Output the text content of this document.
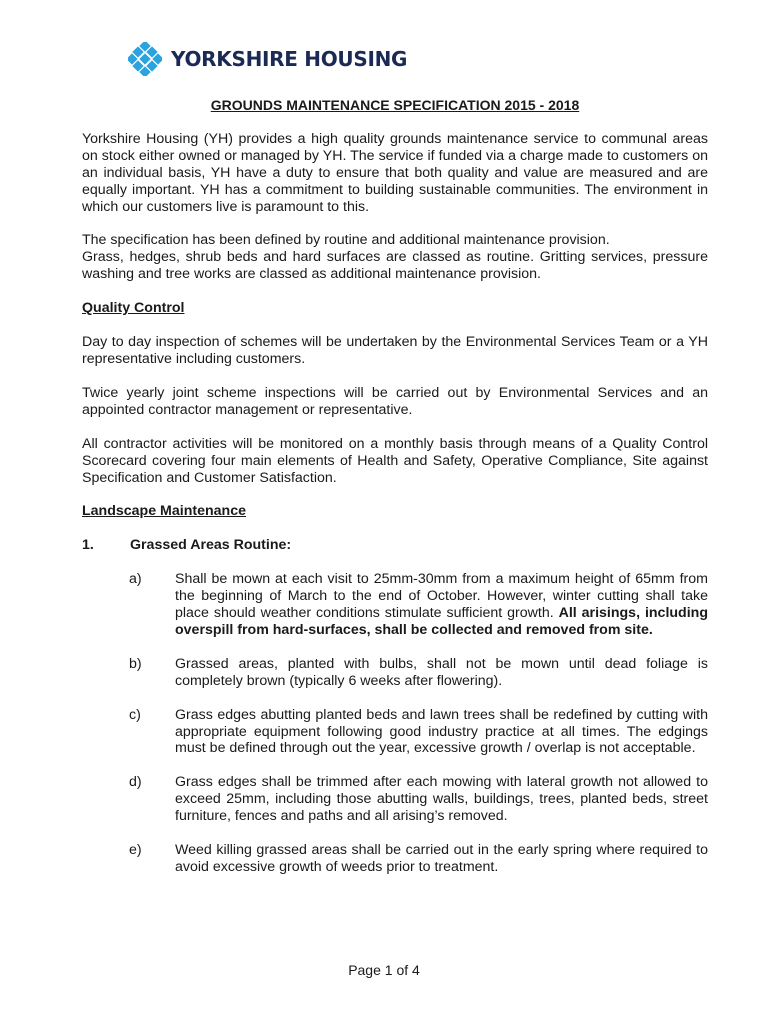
YORKSHIRE HOUSING
GROUNDS MAINTENANCE SPECIFICATION 2015 - 2018

Yorkshire Housing (YH) provides a high quality grounds maintenance service to communal areas on stock either owned or managed by YH. The service if funded via a charge made to customers on an individual basis, YH have a duty to ensure that both quality and value are measured and are equally important. YH has a commitment to building sustainable communities. The environment in which our customers live is paramount to this.

The specification has been defined by routine and additional maintenance provision.

Grass, hedges, shrub beds and hard surfaces are classed as routine. Gritting services, pressure washing and tree works are classed as additional maintenance provision.

Quality Control

Day to day inspection of schemes will be undertaken by the Environmental Services Team or a YH representative including customers.

Twice yearly joint scheme inspections will be carried out by Environmental Services and an appointed contractor management or representative.

All contractor activities will be monitored on a monthly basis through means of a Quality Control Scorecard covering four main elements of Health and Safety, Operative Compliance, Site against Specification and Customer Satisfaction.

Landscape Maintenance
1.	Grassed Areas Routine:
a)	Shall be mown at each visit to 25mm-30mm from a maximum height of 65mm from the beginning of March to the end of October. However, winter cutting shall take place should weather conditions stimulate sufficient growth. All arisings, including overspill from hard-surfaces, shall be collected and removed from site.
b)	Grassed areas, planted with bulbs, shall not be mown until dead foliage is completely brown (typically 6 weeks after flowering).
c)	Grass edges abutting planted beds and lawn trees shall be redefined by cutting with appropriate equipment following good industry practice at all times. The edgings must be defined through out the year, excessive growth / overlap is not acceptable.
d)	Grass edges shall be trimmed after each mowing with lateral growth not allowed to exceed 25mm, including those abutting walls, buildings, trees, planted beds, street furniture, fences and paths and all arising’s removed.
e)	Weed killing grassed areas shall be carried out in the early spring where required to avoid excessive growth of weeds prior to treatment.
Page 1 of 4
